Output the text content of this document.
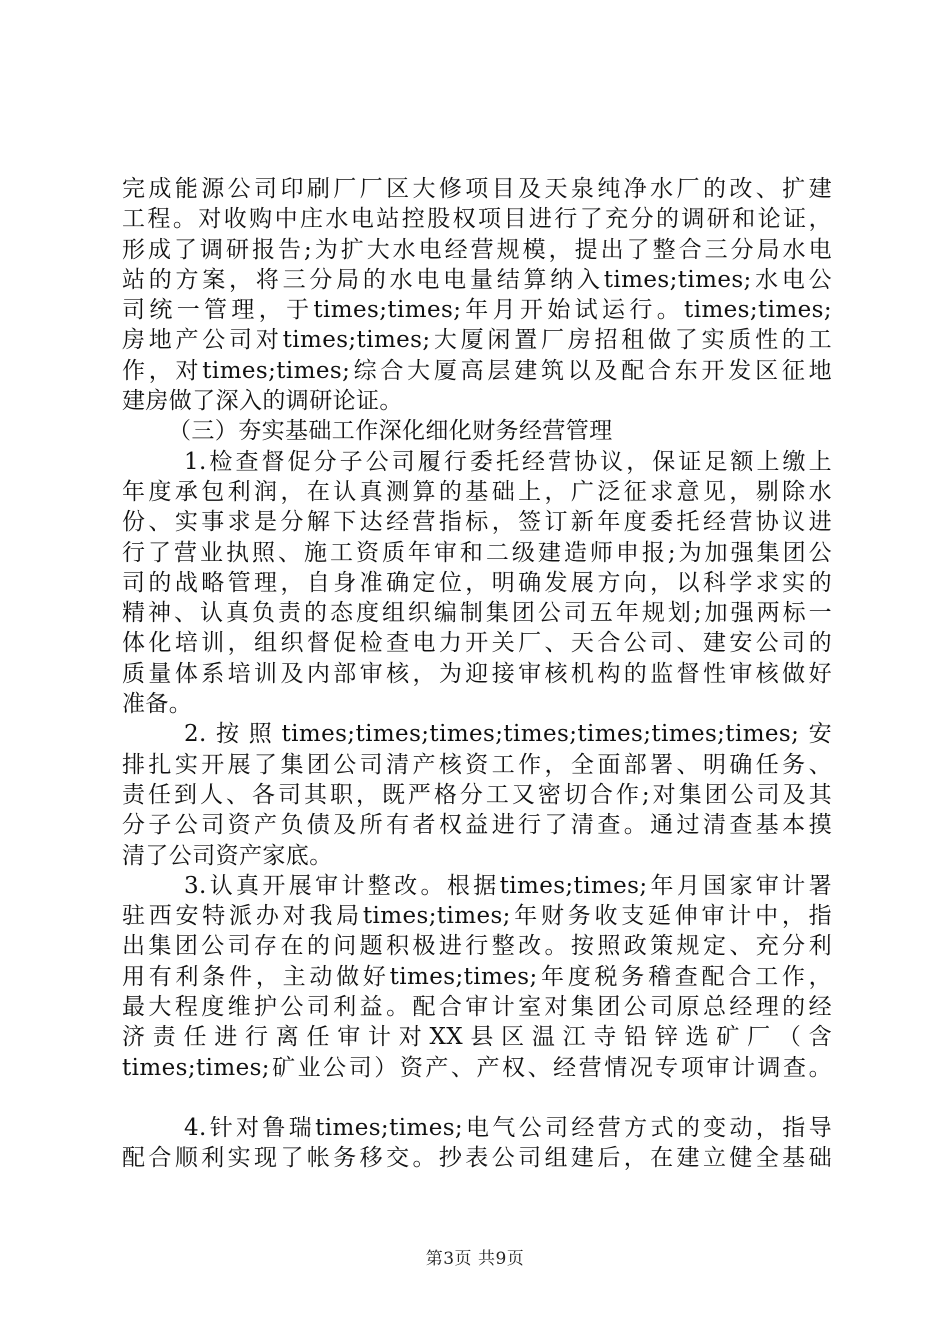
完成能源公司印刷厂厂区大修项目及天泉纯净水厂的改、扩建
工程。对收购中庄水电站控股权项目进行了充分的调研和论证，
形成了调研报告;为扩大水电经营规模，提出了整合三分局水电
站的方案，将三分局的水电电量结算纳入times;times;水电公
司统一管理，于times;times;年月开始试运行。times;times;
房地产公司对times;times;大厦闲置厂房招租做了实质性的工
作，对times;times;综合大厦高层建筑以及配合东开发区征地
建房做了深入的调研论证。
（三）夯实基础工作深化细化财务经营管理
1.检查督促分子公司履行委托经营协议，保证足额上缴上
年度承包利润，在认真测算的基础上，广泛征求意见，剔除水
份、实事求是分解下达经营指标，签订新年度委托经营协议进
行了营业执照、施工资质年审和二级建造师申报;为加强集团公
司的战略管理，自身准确定位，明确发展方向，以科学求实的
精神、认真负责的态度组织编制集团公司五年规划;加强两标一
体化培训，组织督促检查电力开关厂、天合公司、建安公司的
质量体系培训及内部审核，为迎接审核机构的监督性审核做好
准备。
2.按照times;times;times;times;times;times;times;安
排扎实开展了集团公司清产核资工作，全面部署、明确任务、
责任到人、各司其职，既严格分工又密切合作;对集团公司及其
分子公司资产负债及所有者权益进行了清查。通过清查基本摸
清了公司资产家底。
3.认真开展审计整改。根据times;times;年月国家审计署
驻西安特派办对我局times;times;年财务收支延伸审计中，指
出集团公司存在的问题积极进行整改。按照政策规定、充分利
用有利条件，主动做好times;times;年度税务稽查配合工作，
最大程度维护公司利益。配合审计室对集团公司原总经理的经
济责任进行离任审计对XX县区温江寺铅锌选矿厂（含
times;times;矿业公司）资产、产权、经营情况专项审计调查。
4.针对鲁瑞times;times;电气公司经营方式的变动，指导
配合顺利实现了帐务移交。抄表公司组建后，在建立健全基础
第3页 共9页
